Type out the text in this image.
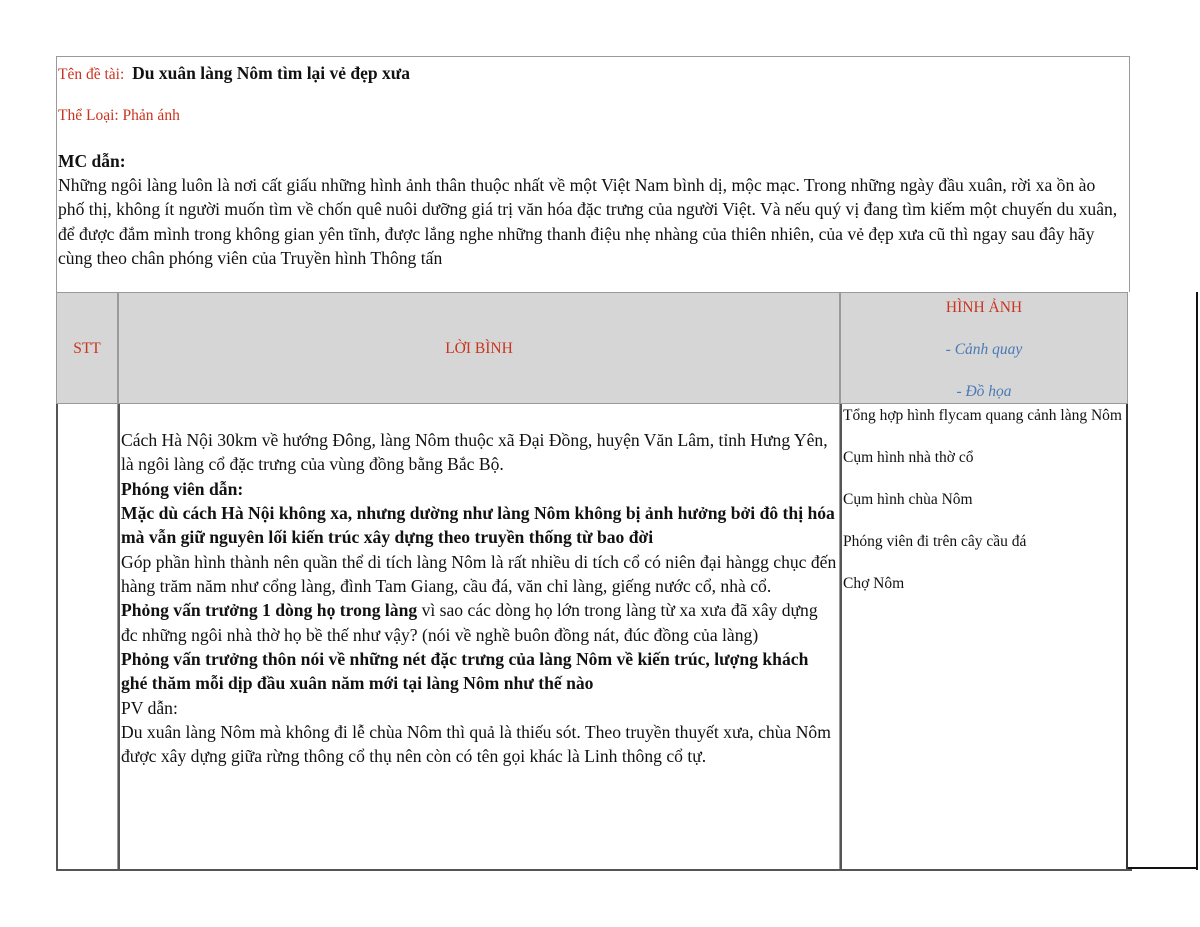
Tên đề tài: Du xuân làng Nôm tìm lại vẻ đẹp xưa
Thể Loại: Phản ánh
MC dẫn:
Những ngôi làng luôn là nơi cất giấu những hình ảnh thân thuộc nhất về một Việt Nam bình dị, mộc mạc. Trong những ngày đầu xuân, rời xa ồn ào phố thị, không ít người muốn tìm về chốn quê nuôi dưỡng giá trị văn hóa đặc trưng của người Việt. Và nếu quý vị đang tìm kiếm một chuyến du xuân, để được đắm mình trong không gian yên tĩnh, được lắng nghe những thanh điệu nhẹ nhàng của thiên nhiên, của vẻ đẹp xưa cũ thì ngay sau đây hãy cùng theo chân phóng viên của Truyền hình Thông tấn
STT	LỜI BÌNH
HÌNH ẢNH
- Cảnh quay
- Đồ họa
Cách Hà Nội 30km về hướng Đông, làng Nôm thuộc xã Đại Đồng, huyện Văn Lâm, tỉnh Hưng Yên, là ngôi làng cổ đặc trưng của vùng đồng bằng Bắc Bộ.
Phóng viên dẫn:
Mặc dù cách Hà Nội không xa, nhưng dường như làng Nôm không bị ảnh hưởng bởi đô thị hóa mà vẫn giữ nguyên lối kiến trúc xây dựng theo truyền thống từ bao đời
Góp phần hình thành nên quần thể di tích làng Nôm là rất nhiều di tích cổ có niên đại hàngg chục đến hàng trăm năm như cổng làng, đình Tam Giang, cầu đá, văn chỉ làng, giếng nước cổ, nhà cổ.
Phỏng vấn trưởng 1 dòng họ trong làng vì sao các dòng họ lớn trong làng từ xa xưa đã xây dựng đc những ngôi nhà thờ họ bề thế như vậy? (nói về nghề buôn đồng nát, đúc đồng của làng)
Phỏng vấn trưởng thôn nói về những nét đặc trưng của làng Nôm về kiến trúc, lượng khách ghé thăm mỗi dịp đầu xuân năm mới tại làng Nôm như thế nào
PV dẫn:
Du xuân làng Nôm mà không đi lễ chùa Nôm thì quả là thiếu sót. Theo truyền thuyết xưa, chùa Nôm được xây dựng giữa rừng thông cổ thụ nên còn có tên gọi khác là Linh thông cổ tự.
Tổng hợp hình flycam quang cảnh làng Nôm
Cụm hình nhà thờ cổ
Cụm hình chùa Nôm
Phóng viên đi trên cây cầu đá
Chợ Nôm
